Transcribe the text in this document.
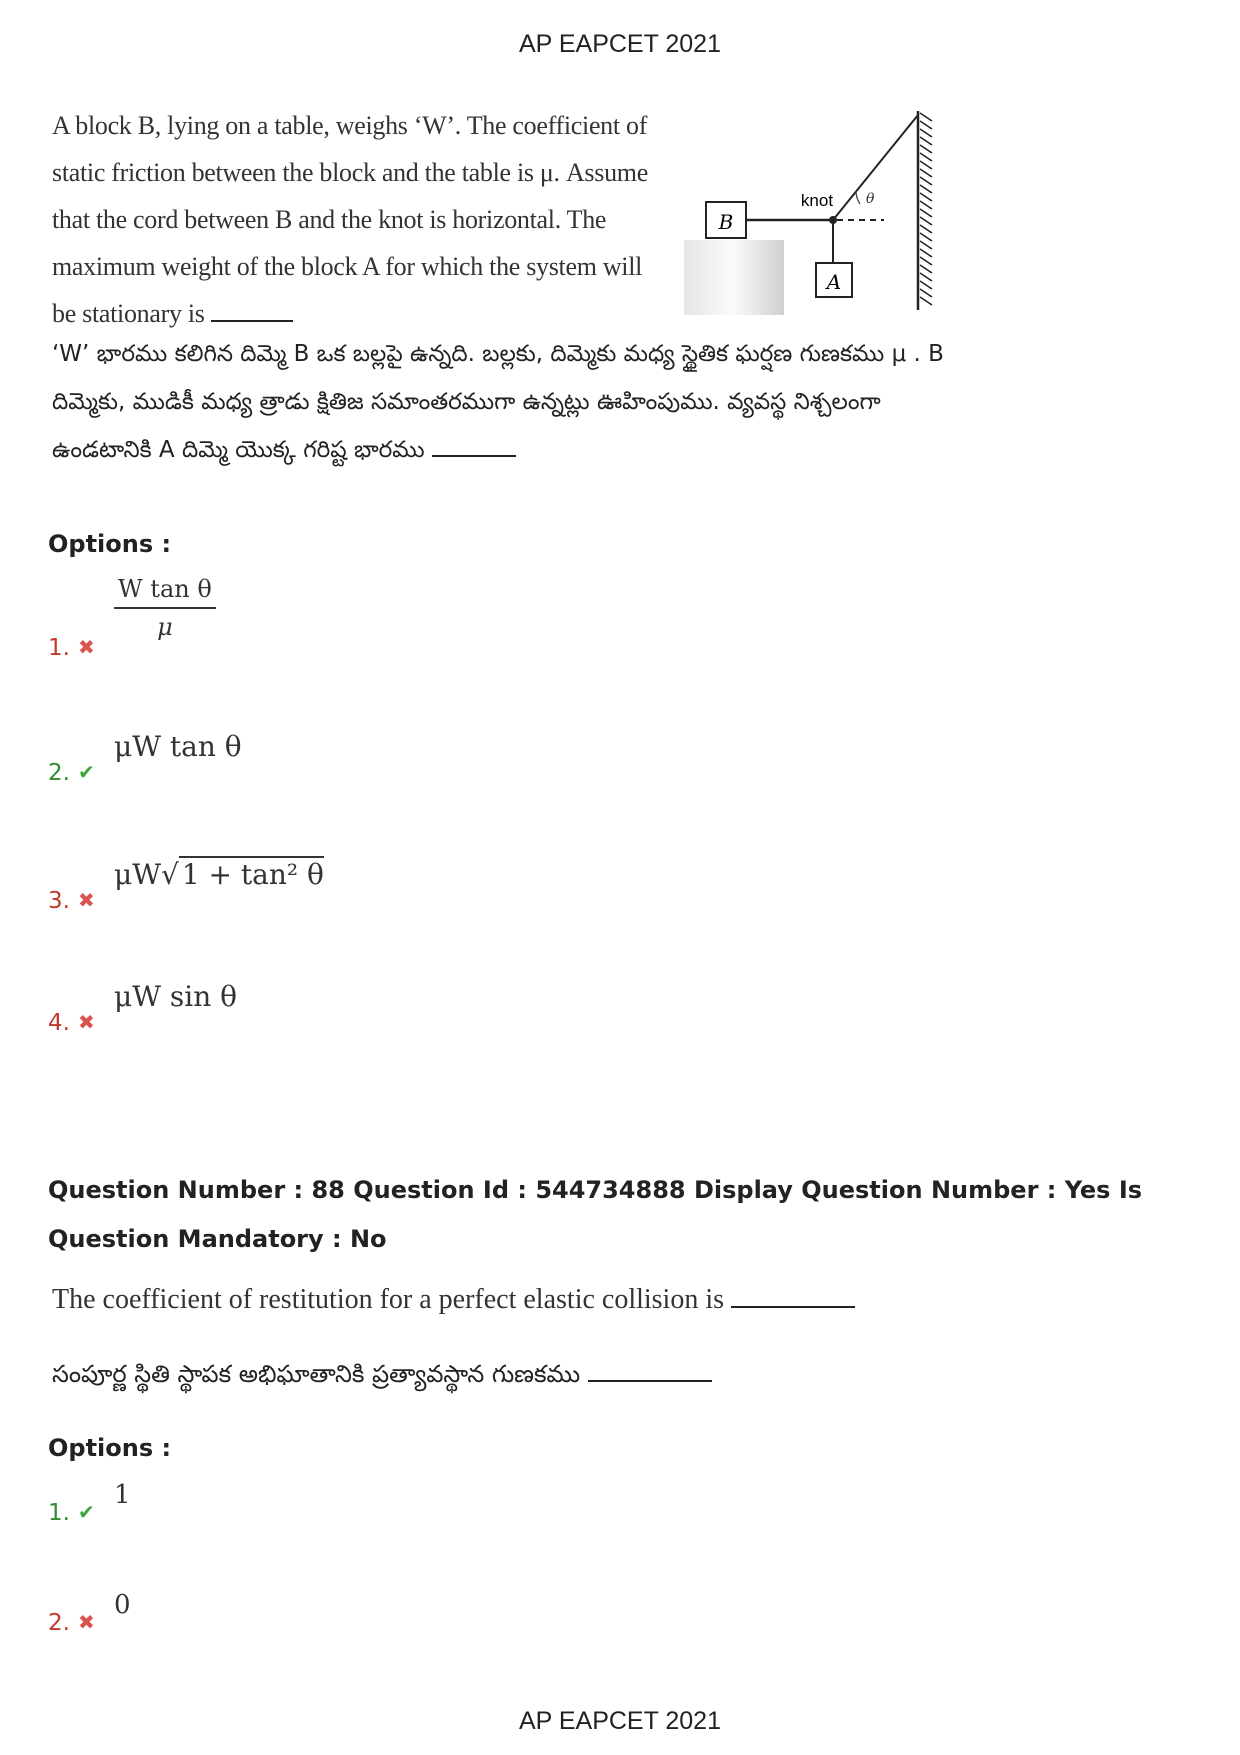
AP EAPCET 2021
A block B, lying on a table, weighs ‘W’. The coefficient of static friction between the block and the table is μ. Assume that the cord between B and the knot is horizontal. The maximum weight of the block A for which the system will be stationary is
B
knot θ
A
‘W’ భారము కలిగిన దిమ్మె B ఒక బల్లపై ఉన్నది. బల్లకు, దిమ్మెకు మధ్య స్థైతిక ఘర్షణ గుణకము μ . B దిమ్మెకు, ముడికీ మధ్య త్రాడు క్షితిజ సమాంతరముగా ఉన్నట్లు ఊహింపుము. వ్యవస్థ నిశ్చలంగా ఉండటానికి A దిమ్మె యొక్క గరిష్ట భారము
Options :
1. ✖
$\frac{\text{W tan θ}}{\mu}$
2. ✔
μW tan θ
3. ✖
μW√ 1 + tan² θ
4. ✖
μW sin θ
Question Number : 88 Question Id : 544734888 Display Question Number : Yes Is Question Mandatory : No
The coefficient of restitution for a perfect elastic collision is
సంపూర్ణ స్థితి స్థాపక అభిఘాతానికి ప్రత్యావస్థాన గుణకము
Options :
1. ✔
1
2. ✖
0
AP EAPCET 2021
